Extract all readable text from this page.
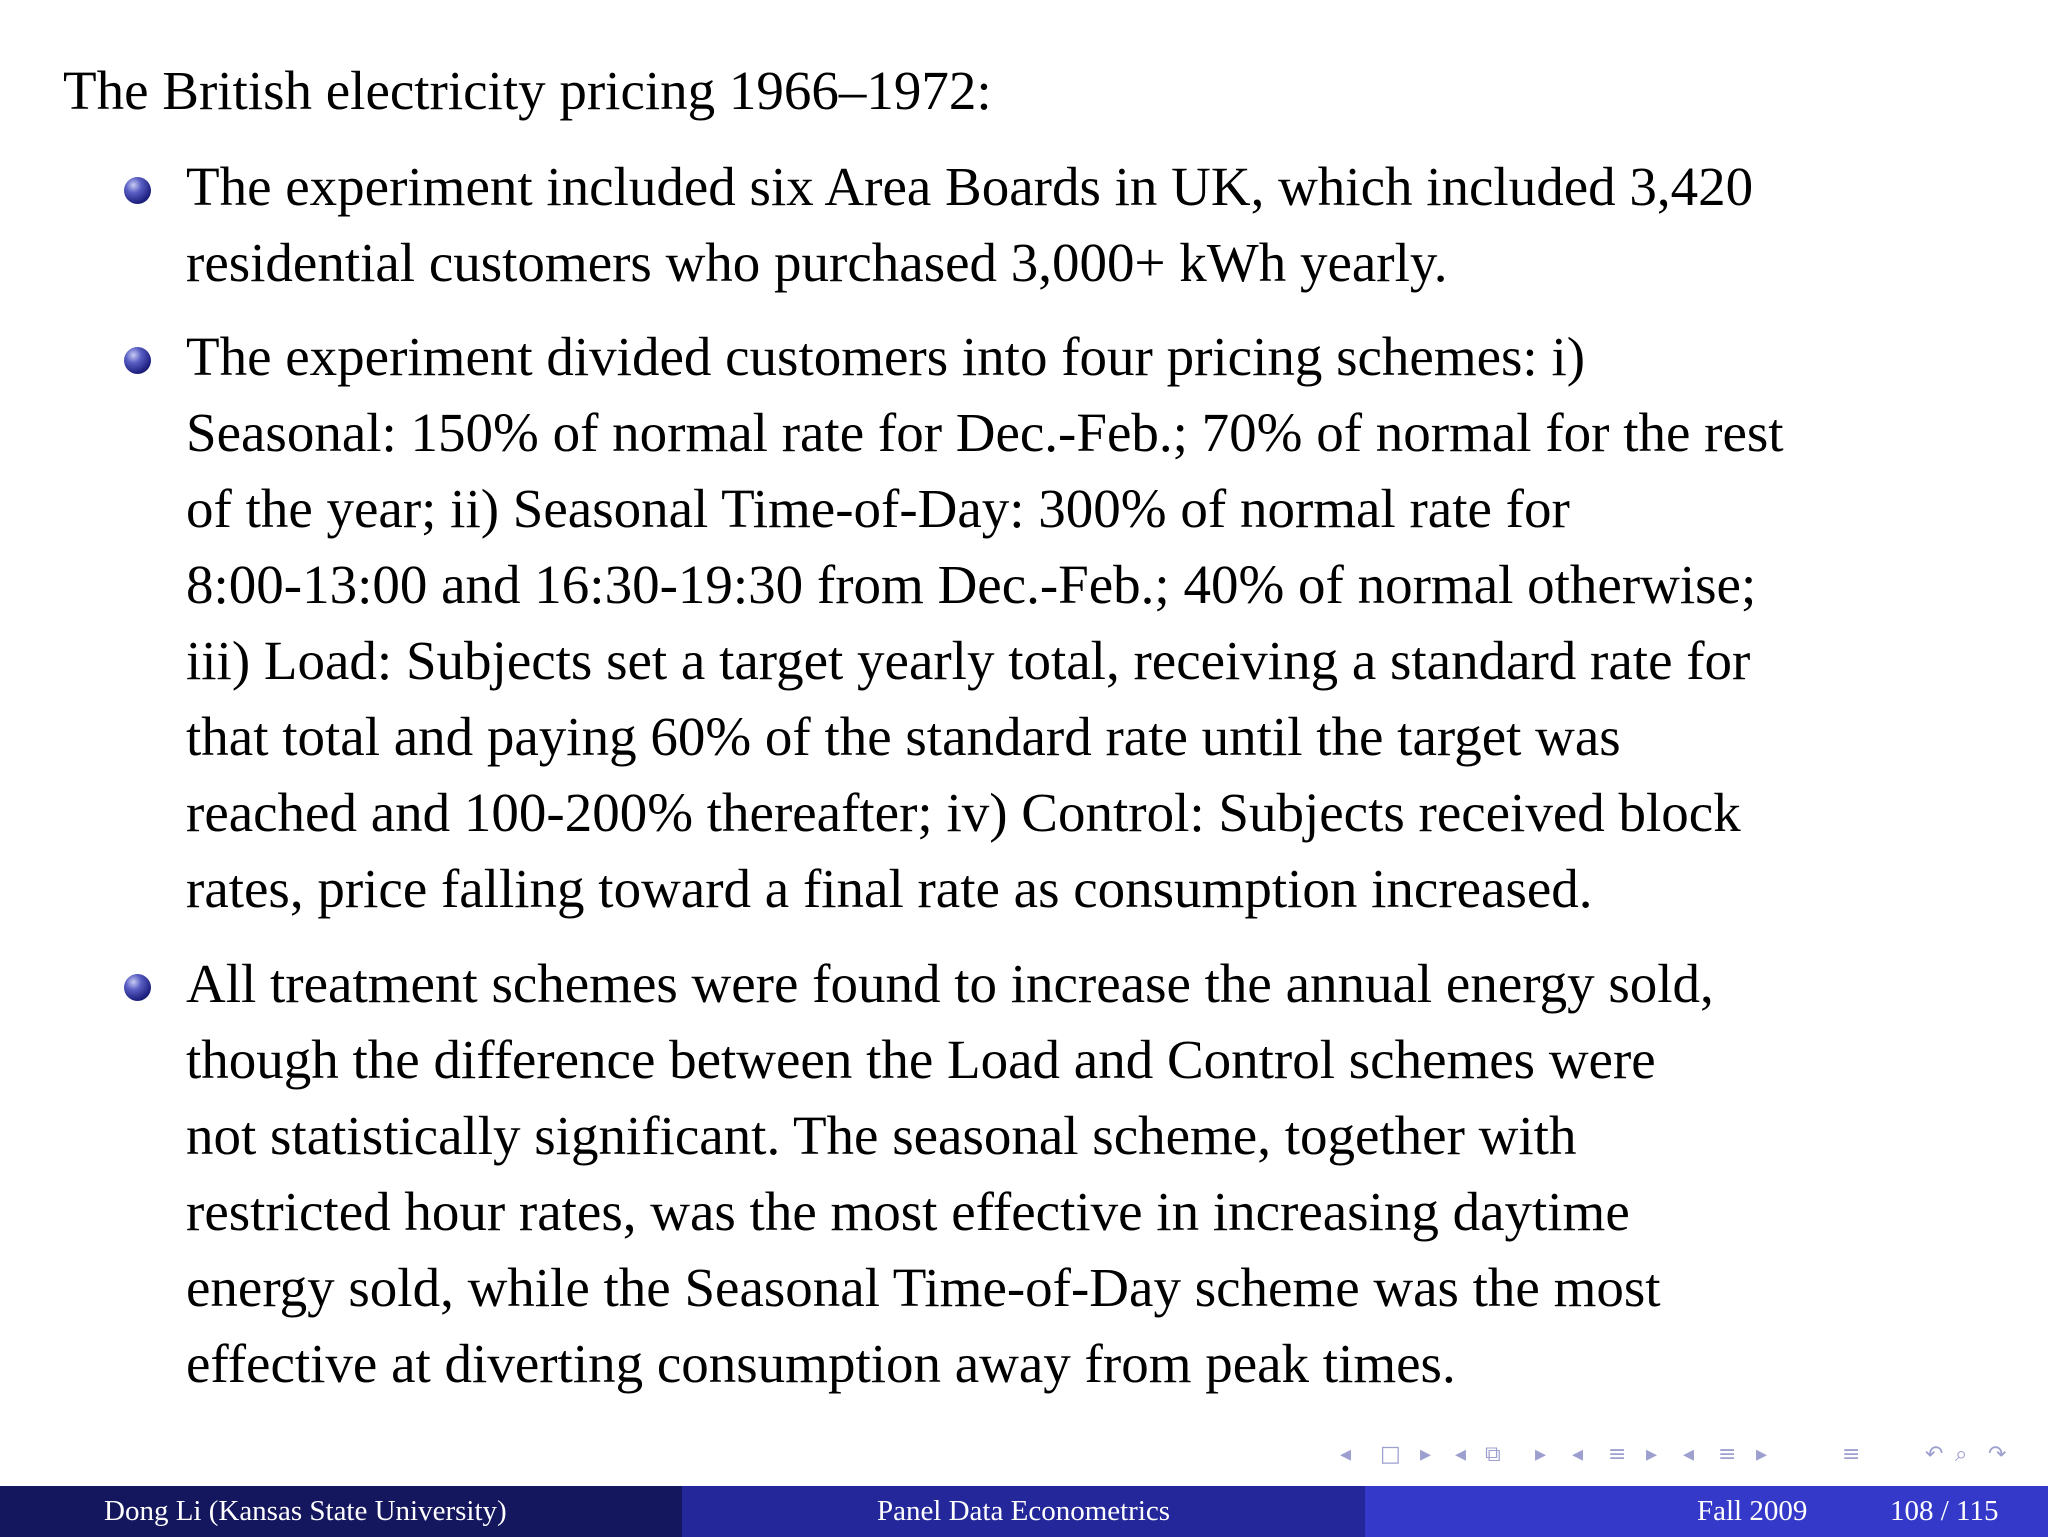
The British electricity pricing 1966–1972:
The experiment included six Area Boards in UK, which included 3,420
residential customers who purchased 3,000+ kWh yearly.
The experiment divided customers into four pricing schemes: i)
Seasonal: 150% of normal rate for Dec.-Feb.; 70% of normal for the rest
of the year; ii) Seasonal Time-of-Day: 300% of normal rate for
8:00-13:00 and 16:30-19:30 from Dec.-Feb.; 40% of normal otherwise;
iii) Load: Subjects set a target yearly total, receiving a standard rate for
that total and paying 60% of the standard rate until the target was
reached and 100-200% thereafter; iv) Control: Subjects received block
rates, price falling toward a final rate as consumption increased.
All treatment schemes were found to increase the annual energy sold,
though the difference between the Load and Control schemes were
not statistically significant. The seasonal scheme, together with
restricted hour rates, was the most effective in increasing daytime
energy sold, while the Seasonal Time-of-Day scheme was the most
effective at diverting consumption away from peak times.
◂ □ ▸ ◂ ⧉ ▸ ◂ ≡ ▸ ◂ ≡ ▸	≡	↶ ⌕ ↷
Dong Li (Kansas State University)	Panel Data Econometrics	Fall 2009	108 / 115
